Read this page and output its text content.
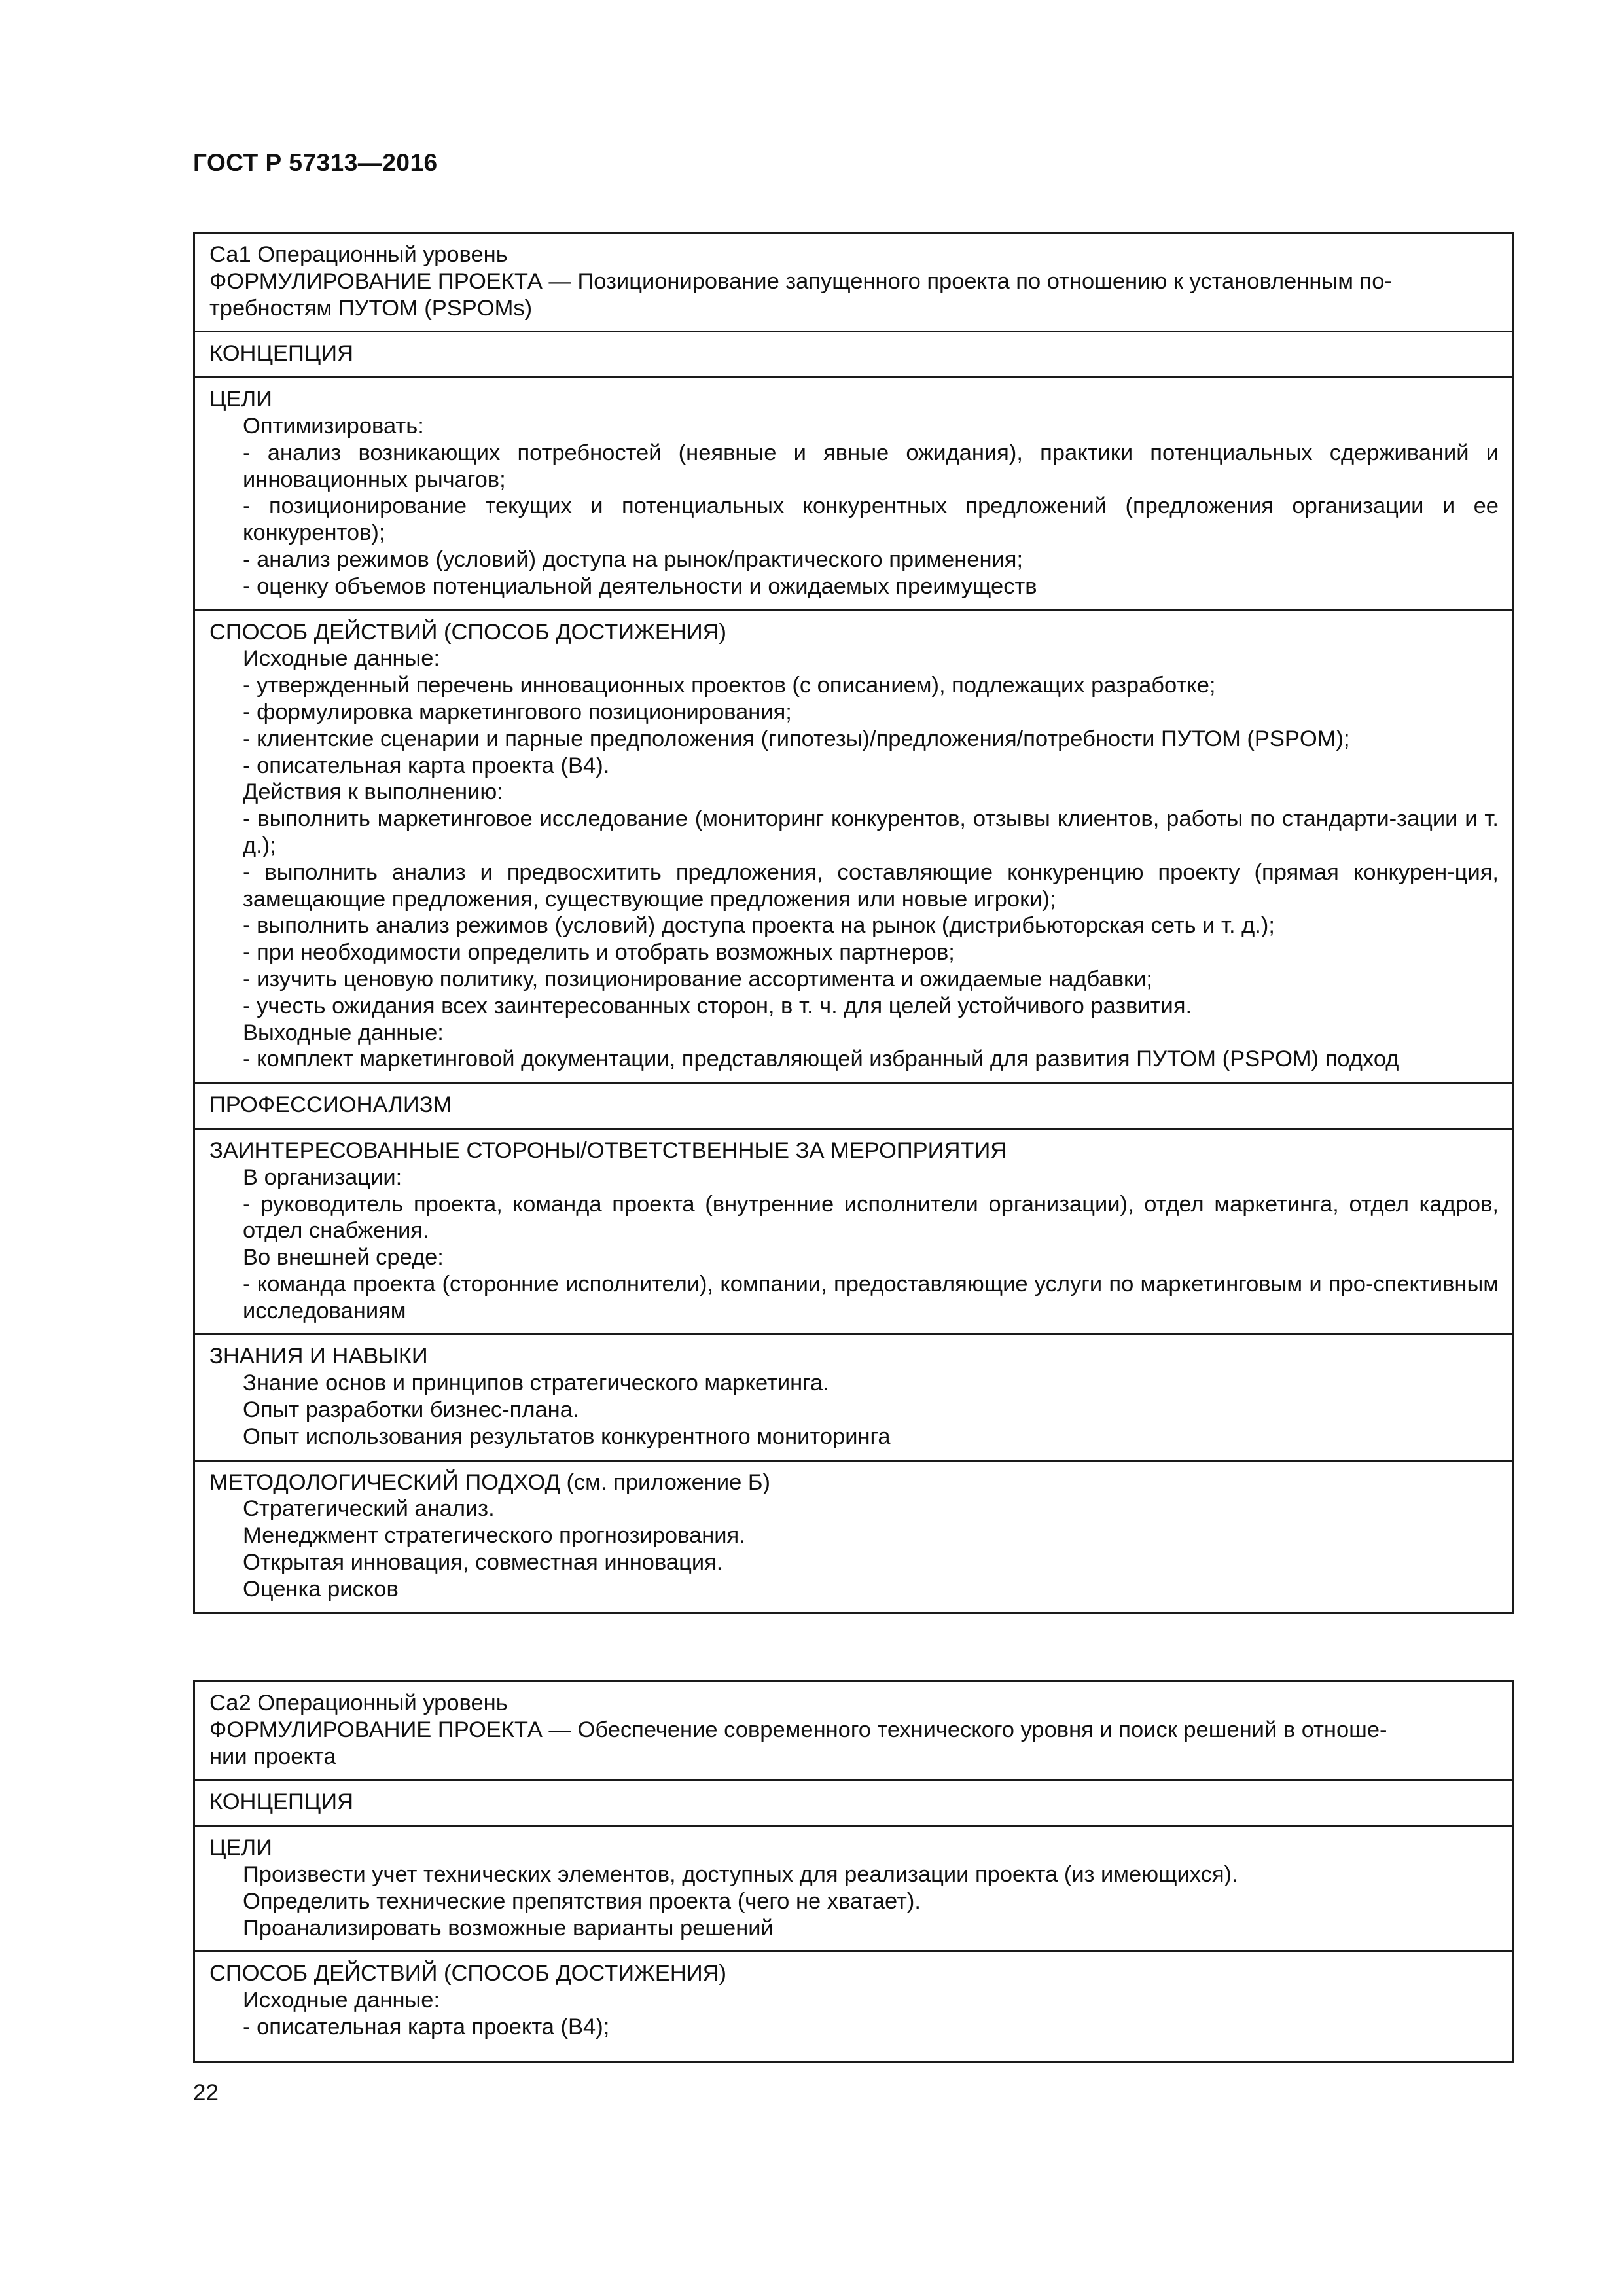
ГОСТ Р 57313—2016
Са1 Операционный уровень
ФОРМУЛИРОВАНИЕ ПРОЕКТА — Позиционирование запущенного проекта по отношению к установленным по-
требностям ПУТОМ (PSPOMs)
КОНЦЕПЦИЯ
ЦЕЛИ
Оптимизировать:
- анализ возникающих потребностей (неявные и явные ожидания), практики потенциальных сдерживаний и инновационных рычагов;
- позиционирование текущих и потенциальных конкурентных предложений (предложения организации и ее конкурентов);
- анализ режимов (условий) доступа на рынок/практического применения;
- оценку объемов потенциальной деятельности и ожидаемых преимуществ
СПОСОБ ДЕЙСТВИЙ (СПОСОБ ДОСТИЖЕНИЯ)
Исходные данные:
- утвержденный перечень инновационных проектов (с описанием), подлежащих разработке;
- формулировка маркетингового позиционирования;
- клиентские сценарии и парные предположения (гипотезы)/предложения/потребности ПУТОМ (PSPOM);
- описательная карта проекта (В4).
Действия к выполнению:
- выполнить маркетинговое исследование (мониторинг конкурентов, отзывы клиентов, работы по стандарти-зации и т. д.);
- выполнить анализ и предвосхитить предложения, составляющие конкуренцию проекту (прямая конкурен-ция, замещающие предложения, существующие предложения или новые игроки);
- выполнить анализ режимов (условий) доступа проекта на рынок (дистрибьюторская сеть и т. д.);
- при необходимости определить и отобрать возможных партнеров;
- изучить ценовую политику, позиционирование ассортимента и ожидаемые надбавки;
- учесть ожидания всех заинтересованных сторон, в т. ч. для целей устойчивого развития.
Выходные данные:
- комплект маркетинговой документации, представляющей избранный для развития ПУТОМ (PSPOM) подход
ПРОФЕССИОНАЛИЗМ
ЗАИНТЕРЕСОВАННЫЕ СТОРОНЫ/ОТВЕТСТВЕННЫЕ ЗА МЕРОПРИЯТИЯ
В организации:
- руководитель проекта, команда проекта (внутренние исполнители организации), отдел маркетинга, отдел кадров, отдел снабжения.
Во внешней среде:
- команда проекта (сторонние исполнители), компании, предоставляющие услуги по маркетинговым и про-спективным исследованиям
ЗНАНИЯ И НАВЫКИ
Знание основ и принципов стратегического маркетинга.
Опыт разработки бизнес-плана.
Опыт использования результатов конкурентного мониторинга
МЕТОДОЛОГИЧЕСКИЙ ПОДХОД (см. приложение Б)
Стратегический анализ.
Менеджмент стратегического прогнозирования.
Открытая инновация, совместная инновация.
Оценка рисков
Са2 Операционный уровень
ФОРМУЛИРОВАНИЕ ПРОЕКТА — Обеспечение современного технического уровня и поиск решений в отноше-
нии проекта
КОНЦЕПЦИЯ
ЦЕЛИ
Произвести учет технических элементов, доступных для реализации проекта (из имеющихся).
Определить технические препятствия проекта (чего не хватает).
Проанализировать возможные варианты решений
СПОСОБ ДЕЙСТВИЙ (СПОСОБ ДОСТИЖЕНИЯ)
Исходные данные:
- описательная карта проекта (В4);
22
